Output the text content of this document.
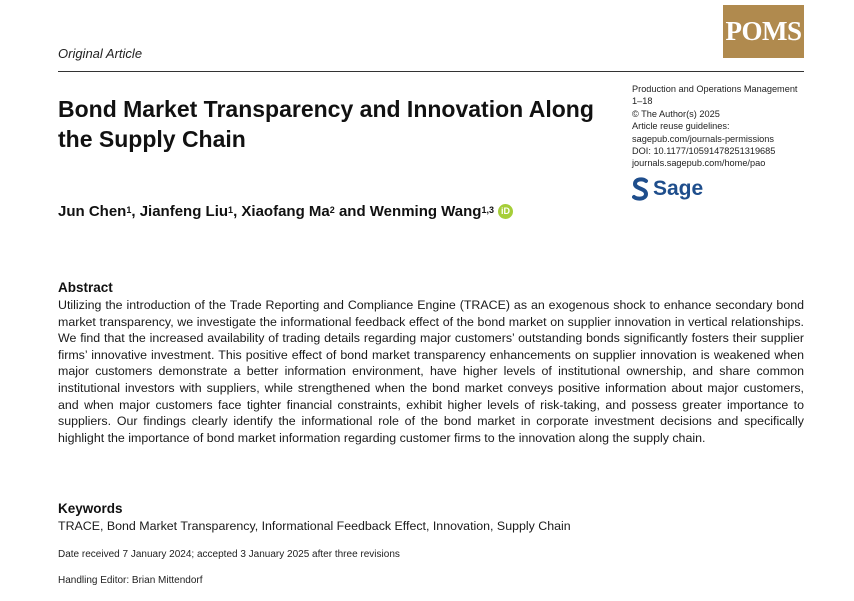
POMS
Original Article
Bond Market Transparency and Innovation Along the Supply Chain
Production and Operations Management
1–18
© The Author(s) 2025
Article reuse guidelines:
sagepub.com/journals-permissions
DOI: 10.1177/10591478251319685
journals.sagepub.com/home/pao
Sage
Jun Chen$^1$ , Jianfeng Liu$^1$ , Xiaofang Ma$^2$ and Wenming Wang$^{1,3}$ iD
Abstract
Utilizing the introduction of the Trade Reporting and Compliance Engine (TRACE) as an exogenous shock to enhance secondary bond market transparency, we investigate the informational feedback effect of the bond market on supplier innovation in vertical relationships. We find that the increased availability of trading details regarding major customers’ outstanding bonds significantly fosters their supplier firms’ innovative investment. This positive effect of bond market transparency enhancements on supplier innovation is weakened when major customers demonstrate a better information environment, have higher levels of institutional ownership, and share common institutional investors with suppliers, while strengthened when the bond market conveys positive information about major customers, and when major customers face tighter financial constraints, exhibit higher levels of risk-taking, and possess greater importance to suppliers. Our findings clearly identify the informational role of the bond market in corporate investment decisions and specifically highlight the importance of bond market information regarding customer firms to the innovation along the supply chain.
Keywords
TRACE, Bond Market Transparency, Informational Feedback Effect, Innovation, Supply Chain
Date received 7 January 2024; accepted 3 January 2025 after three revisions
Handling Editor: Brian Mittendorf
